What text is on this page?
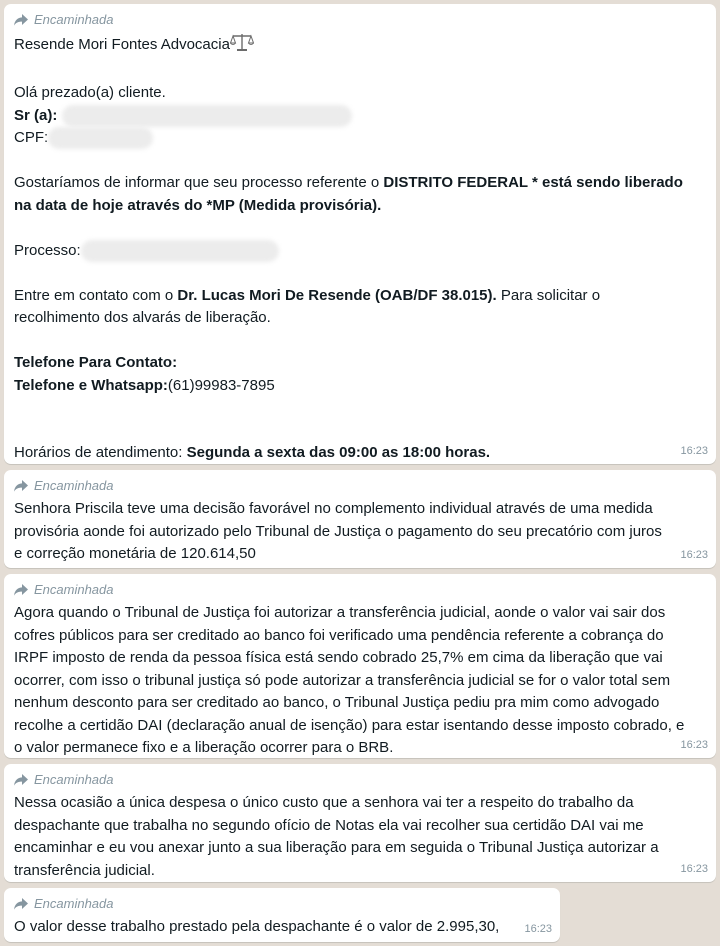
Encaminhada
Resende Mori Fontes Advocacia
Olá prezado(a) cliente.
Sr (a):
CPF:
Gostaríamos de informar que seu processo referente o DISTRITO FEDERAL * está sendo liberado
na data de hoje através do *MP (Medida provisória).
Processo:
Entre em contato com o Dr. Lucas Mori De Resende (OAB/DF 38.015). Para solicitar o
recolhimento dos alvarás de liberação.
Telefone Para Contato:
Telefone e Whatsapp:(61)99983-7895
Horários de atendimento: Segunda a sexta das 09:00 as 18:00 horas.	16:23
Encaminhada
Senhora Priscila teve uma decisão favorável no complemento individual através de uma medida
provisória aonde foi autorizado pelo Tribunal de Justiça o pagamento do seu precatório com juros
e correção monetária de 120.614,50	16:23
Encaminhada
Agora quando o Tribunal de Justiça foi autorizar a transferência judicial, aonde o valor vai sair dos
cofres públicos para ser creditado ao banco foi verificado uma pendência referente a cobrança do
IRPF imposto de renda da pessoa física está sendo cobrado 25,7% em cima da liberação que vai
ocorrer, com isso o tribunal justiça só pode autorizar a transferência judicial se for o valor total sem
nenhum desconto para ser creditado ao banco, o Tribunal Justiça pediu pra mim como advogado
recolhe a certidão DAI (declaração anual de isenção) para estar isentando desse imposto cobrado, e
o valor permanece fixo e a liberação ocorrer para o BRB.	16:23
Encaminhada
Nessa ocasião a única despesa o único custo que a senhora vai ter a respeito do trabalho da
despachante que trabalha no segundo ofício de Notas ela vai recolher sua certidão DAI vai me
encaminhar e eu vou anexar junto a sua liberação para em seguida o Tribunal Justiça autorizar a
transferência judicial.	16:23
Encaminhada
O valor desse trabalho prestado pela despachante é o valor de 2.995,30,	16:23
